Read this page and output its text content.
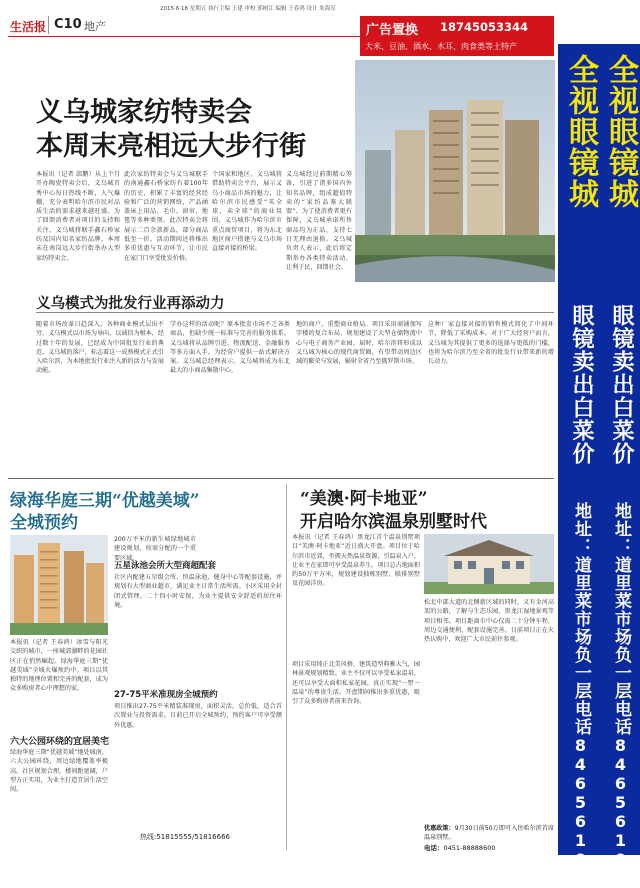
2015·6·18 星期五 执行主编 王建 审校 郭树江 编辑 王春鸿 设计 朱海军
生活报 C10 地产	广告置换 18745053344
大米、豆油、酒水、木耳、肉食类等土特产
全视眼镜城 全视眼镜城
眼镜卖出白菜价 眼镜卖出白菜价
地址：道里菜市场负一层电话	地址：道里菜市场负一层电话
84656103	84656103
义乌城家纺特卖会
本周末亮相远大步行街
本报讯（记者 邱鹏）从上个月开办陶瓷特卖会后，义乌城首秀中心每日热线不断，人气爆棚，充分表明哈尔滨市民对品质生活的需求越来越旺盛。为了回馈消费者对项目的支持和关注，义乌城将联手鑫石桥家纺及国内知名家纺品牌，本周末在南岗远大步行街举办大型家纺特卖会。
此次家纺特卖会与义乌城联手的南通鑫石桥家纺有着100年的历史，积累了丰富的经营经验和广泛的营销网络，产品涵盖床上用品、毛巾、窗帘、地毯等多种类别。此次特卖会将展示二百余款新品，部分商品低至一折，活动期间还将推出多重优惠与互动环节，让市民在家门口享受批发价格。
个国家和地区。义乌城将借助特卖会平台，展示义乌小商品市场的魅力，让哈尔滨市民感受“买全球、卖全球”的商业氛围。义乌城作为哈尔滨市重点商贸项目，将为东北地区商户搭建与义乌市场直接对接的桥梁。
义乌城经过前期精心筹备，引进了诸多国内外知名品牌，组成超值特卖的“家纺品鉴大联盟”。为了使消费者更有保障，义乌城承诺所售商品均为正品，支持七日无理由退换。义乌城负责人表示，此后将定期举办各类特卖活动，让利于民，回馈社会。
义乌模式为批发行业再添动力
随着市场改革日趋深入，各种商业模式层出不穷。义乌模式以市场为导向，以诚信为根本，经过数十年的发展，已经成为中国批发行业的典范。义乌城的落户，标志着这一成熟模式正式引入哈尔滨，为本地批发行业注入新的活力与发展动能。
学办这样的活动呢？原本批发市场不乏各类商品，但缺少统一标准与完善的服务体系。义乌城将从品牌引进、物流配送、金融服务等多方面入手，为经营户提供一站式解决方案。义乌城总经理表示，义乌城将成为东北最大的小商品集散中心。
地的商户，重塑商业格局。项目采用商铺加写字楼的复合布局，规划建设了大型仓储物流中心与电子商务产业园。届时，哈尔滨将形成以义乌城为核心的现代商贸圈，有望带动周边区域的繁荣与发展，辐射全省乃至俄罗斯市场。
这种厂家直接对接的销售模式简化了中间环节，降低了采购成本。对于广大经营户而言，义乌城为其提供了更多的选择与更低的门槛，也将为哈尔滨乃至全省的批发行业带来新的增长动力。
绿海华庭三期“优越美域”
全城预约
本报讯（记者 王春鸿）冰雪与阳光交织的城市，一座城郊湖畔的花园社区正在悄然崛起。绿海华庭三期“优越美域”全城火爆预约中。项目以其独特的地理位置和完善的配套，成为众多购房者心中理想的家。
六大公园环绕的宜居美宅
绿海华庭三期“优越美域”地处城南，六大公园环绕，周边绿地覆盖率极高。社区规划合理，楼间距宽阔，户型方正实用，为业主打造宜居生活空间。
200万平米的新生城绿地城市建设规划，按需分配的一个重要区域。
五星泳池会所大型商超配套
社区内配建五星级会所、恒温泳池、健身中心等配套设施，并规划有大型商业超市，满足业主日常生活所需。小区采用全封闭式管理，二十四小时安保，为业主提供安全舒适的居住环境。
27-75平米准现房全城预约
项目推出27-75平米精装准现房，面积灵活，总价低，适合首次置业与投资需求。目前已开启全城预约，预约客户可享受额外优惠。
热线:51815555/51816666
“美澳·阿卡地亚”
开启哈尔滨温泉别墅时代
本报讯（记者 王春鸿）黑龙江首个温泉别墅项目“美澳·阿卡地亚”近日盛大开盘。项目位于哈尔滨市近郊，坐拥天然温泉资源，引温泉入户，让业主在家即可享受温泉养生。项目总占地面积约50万平方米，规划建设独栋别墅、联排别墅及花园洋房。
项目采用纯正北美风格，建筑造型典雅大气，园林景观规划精致。业主不仅可以享受私家温泉，还可以享受大面积私家花园，真正实现“一墅一温泉”的尊贵生活。开盘期间推出多重优惠，吸引了众多购房者前来咨询。
松北中部大道的北侧新区域的同时，又有金河高架的公路，了解与生态乐园、黑龙江湿地景观等项目相邻。项目距离市中心仅需二十分钟车程，周边交通便利，配套设施完善。目前项目正在火热认购中，欢迎广大市民前往参观。
优惠政策：9月30日前50万即可入住哈尔滨首席温泉别墅。
电话：0451-88888600
